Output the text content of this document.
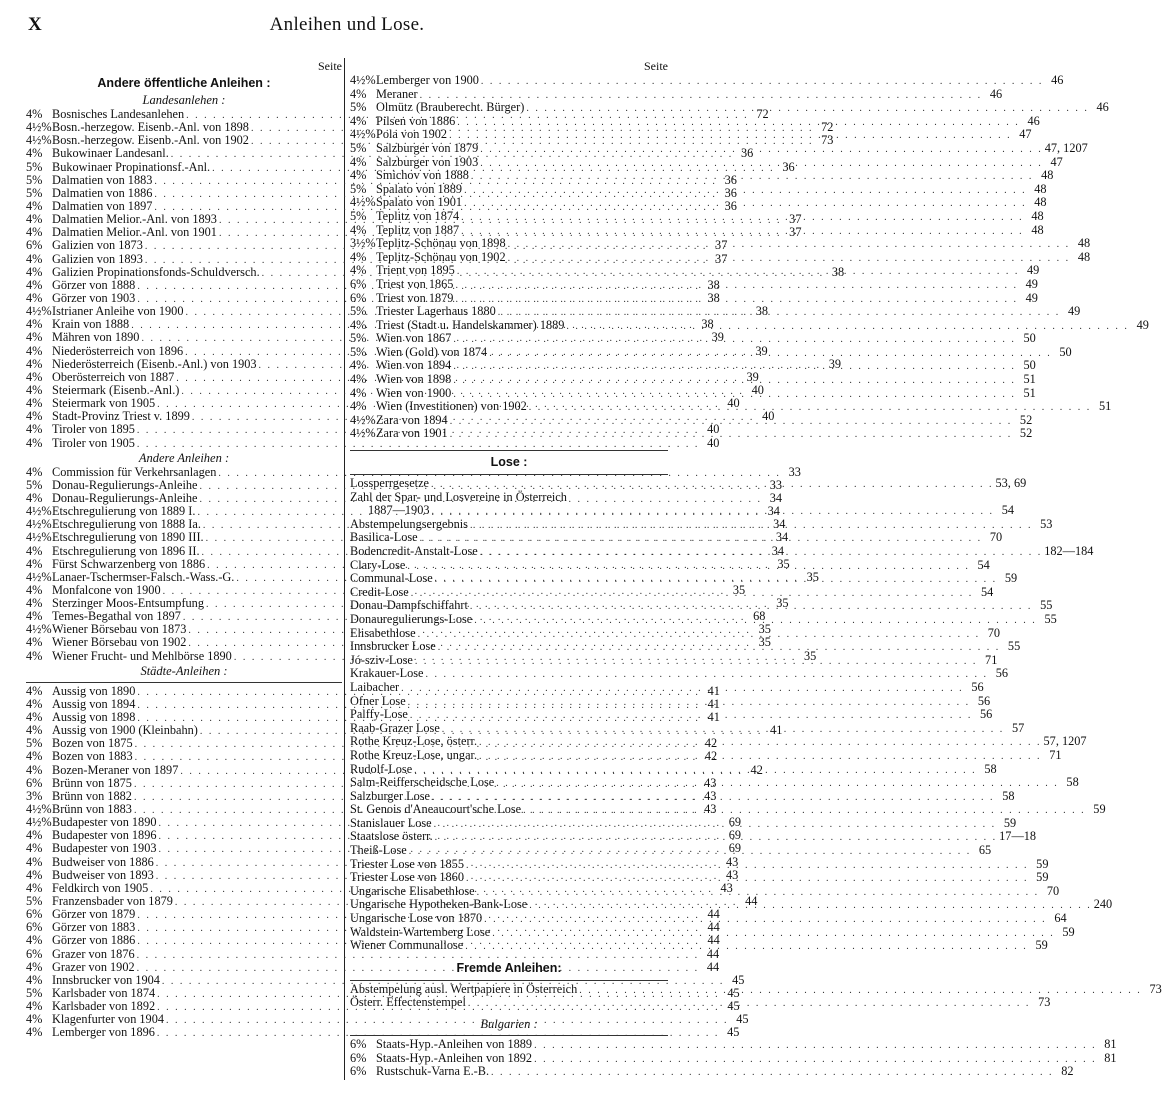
X	Anleihen und Lose.
Seite
Andere öffentliche Anleihen :
Landesanlehen :
4% Bosnisches Landesanlehen . . .	72
4½% Bosn.-herzegow. Eisenb.-Anl. von 1898 . . .	72
4½% Bosn.-herzegow. Eisenb.-Anl. von 1902 . . .	73
4% Bukowinaer Landesanl. . . .	36
5% Bukowinaer Propinationsf.-Anl. . . .	36
5% Dalmatien von 1883 . . .	36
5% Dalmatien von 1886 . . .	36
4% Dalmatien von 1897 . . .	36
4% Dalmatien Melior.-Anl. von 1893 . . .	37
4% Dalmatien Melior.-Anl. von 1901 . . .	37
6% Galizien von 1873 . . .	37
4% Galizien von 1893 . . .	37
4% Galizien Propinationsfonds-Schuldversch. . . .	38
4% Görzer von 1888 . . .	38
4% Görzer von 1903 . . .	38
4½% Istrianer Anleihe von 1900 . . .	38
4% Krain von 1888 . . .	38
4% Mähren von 1890 . . .	39
4% Niederösterreich von 1896 . . .	39
4% Niederösterreich (Eisenb.-Anl.) von 1903 . . .	39
4% Oberösterreich von 1887 . . .	39
4% Steiermark (Eisenb.-Anl.) . . .	40
4% Steiermark von 1905 . . .	40
4% Stadt-Provinz Triest v. 1899 . . .	40
4% Tiroler von 1895 . . .	40
4% Tiroler von 1905 . . .	40
Andere Anleihen :
4% Commission für Verkehrsanlagen . . .	33
5% Donau-Regulierungs-Anleihe . . .	33
4% Donau-Regulierungs-Anleihe . . .	34
4½% Etschregulierung von 1889 I. . . .	34
4½% Etschregulierung von 1888 Ia. . . .	34
4½% Etschregulierung von 1890 III. . . .	34
4% Etschregulierung von 1896 II. . . .	34
4% Fürst Schwarzenberg von 1886 . . .	35
4½% Lanaer-Tschermser-Falsch.-Wass.-G. . . .	35
4% Monfalcone von 1900 . . .	35
4% Sterzinger Moos-Entsumpfung . . .	35
4% Temes-Begathal von 1897 . . .	68
4½% Wiener Börsebau von 1873 . . .	35
4% Wiener Börsebau von 1902 . . .	35
4% Wiener Frucht- und Mehlbörse 1890 . . .	35
Städte-Anleihen :
4% Aussig von 1890 . . .	41
4% Aussig von 1894 . . .	41
4% Aussig von 1898 . . .	41
4% Aussig von 1900 (Kleinbahn) . . .	41
5% Bozen von 1875 . . .	42
4% Bozen von 1883 . . .	42
4% Bozen-Meraner von 1897 . . .	42
6% Brünn von 1875 . . .	43
3% Brünn von 1882 . . .	43
4½% Brünn von 1883 . . .	43
4½% Budapester von 1890 . . .	69
4% Budapester von 1896 . . .	69
4% Budapester von 1903 . . .	69
4% Budweiser von 1886 . . .	43
4% Budweiser von 1893 . . .	43
4% Feldkirch von 1905 . . .	43
5% Franzensbader von 1879 . . .	44
6% Görzer von 1879 . . .	44
6% Görzer von 1883 . . .	44
4% Görzer von 1886 . . .	44
6% Grazer von 1876 . . .	44
4% Grazer von 1902 . . .	44
4% Innsbrucker von 1904 . . .	45
5% Karlsbader von 1874 . . .	45
4% Karlsbader von 1892 . . .	45
4% Klagenfurter von 1904 . . .	45
4% Lemberger von 1896 . . .	45
Seite
4½% Lemberger von 1900 . . .	46
4% Meraner . . .	46
5% Olmütz (Brauberecht. Bürger) . . .	46
4% Pilsen von 1886 . . .	46
4½% Pola von 1902 . . .	47
5% Salzburger von 1879 . . .	47, 1207
4% Salzburger von 1903 . . .	47
4% Smichov von 1888 . . .	48
5% Spalato von 1889 . . .	48
4½% Spalato von 1901 . . .	48
5% Teplitz von 1874 . . .	48
4% Teplitz von 1887 . . .	48
3½% Teplitz-Schönau von 1898 . . .	48
4% Teplitz-Schönau von 1902 . . .	48
4% Trient von 1895 . . .	49
6% Triest von 1865 . . .	49
6% Triest von 1879 . . .	49
5% Triester Lagerhaus 1880 . . .	49
4% Triest (Stadt u. Handelskammer) 1889 . . .	49
5% Wien von 1867 . . .	50
5% Wien (Gold) von 1874 . . .	50
4% Wien von 1894 . . .	50
4% Wien von 1898 . . .	51
4% Wien von 1900 . . .	51
4% Wien (Investitionen) von 1902 . . .	51
4½% Zara von 1894 . . .	52
4½% Zara von 1901 . . .	52
Lose :
Lossperrgesetze . . .	53, 69
Zahl der Spar- und Losvereine in Österreich
1887—1903 . . .	54
Abstempelungsergebnis . . .	53
Basilica-Lose . . .	70
Bodencredit-Anstalt-Lose . . .	182—184
Clary-Lose . . .	54
Communal-Lose . . .	59
Credit-Lose . . .	54
Donau-Dampfschiffahrt . . .	55
Donauregulierungs-Lose . . .	55
Elisabethlose . . .	70
Innsbrucker Lose . . .	55
Jó-sziv-Lose . . .	71
Krakauer-Lose . . .	56
Laibacher . . .	56
Ofner Lose . . .	56
Palffy-Lose . . .	56
Raab-Grazer Lose . . .	57
Rothe Kreuz-Lose, österr. . . .	57, 1207
Rothe Kreuz-Lose, ungar. . . .	71
Rudolf-Lose . . .	58
Salm-Reifferscheidsche Lose . . .	58
Salzburger Lose . . .	58
St. Genois d'Aneaucourt'sche Lose . . .	59
Stanislauer Lose . . .	59
Staatslose österr. . . .	17—18
Theiß-Lose . . .	65
Triester Lose von 1855 . . .	59
Triester Lose von 1860 . . .	59
Ungarische Elisabethlose . . .	70
Ungarische Hypotheken-Bank-Lose . . .	240
Ungarische Lose von 1870 . . .	64
Waldstein-Wartemberg Lose . . .	59
Wiener Communallose . . .	59
Fremde Anleihen:
Abstempelung ausl. Wertpapiere in Österreich . . .	73
Österr. Effectenstempel . . .	73
Bulgarien :
6% Staats-Hyp.-Anleihen von 1889 . . .	81
6% Staats-Hyp.-Anleihen von 1892 . . .	81
6% Rustschuk-Varna E.-B. . . .	82
